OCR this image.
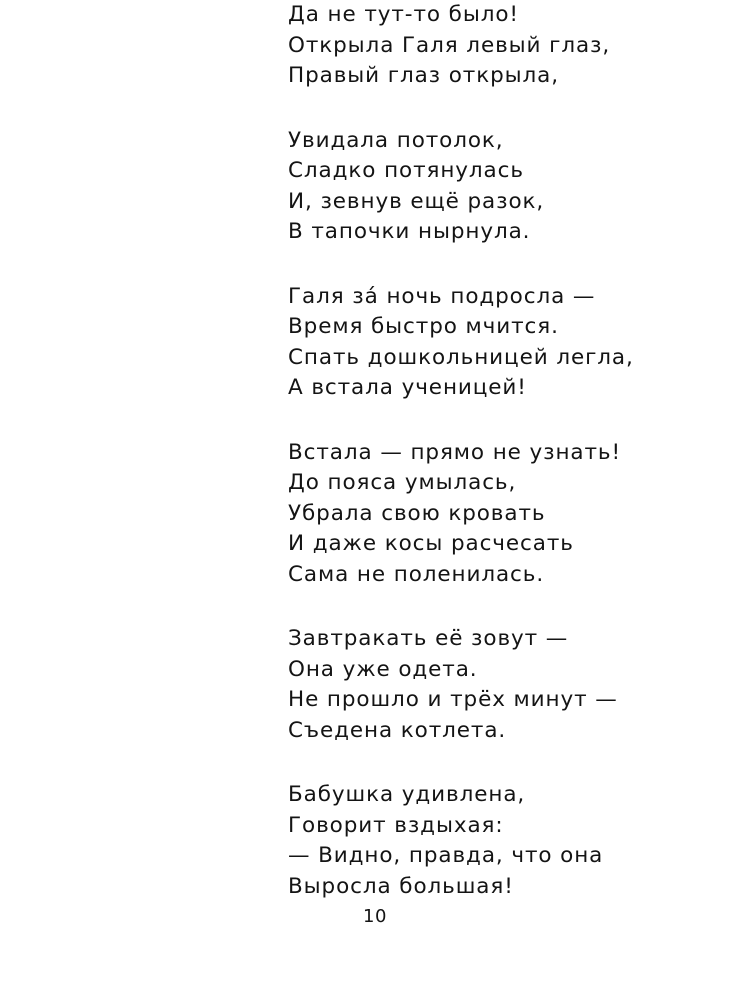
Да не тут-то было!
Открыла Галя левый глаз,
Правый глаз открыла,
Увидала потолок,
Сладко потянулась
И, зевнув ещё разок,
В тапочки нырнула.
Галя за́ ночь подросла —
Время быстро мчится.
Спать дошкольницей легла,
А встала ученицей!
Встала — прямо не узнать!
До пояса умылась,
Убрала свою кровать
И даже косы расчесать
Сама не поленилась.
Завтракать её зовут —
Она уже одета.
Не прошло и трёх минут —
Съедена котлета.
Бабушка удивлена,
Говорит вздыхая:
— Видно, правда, что она
Выросла большая!
10
